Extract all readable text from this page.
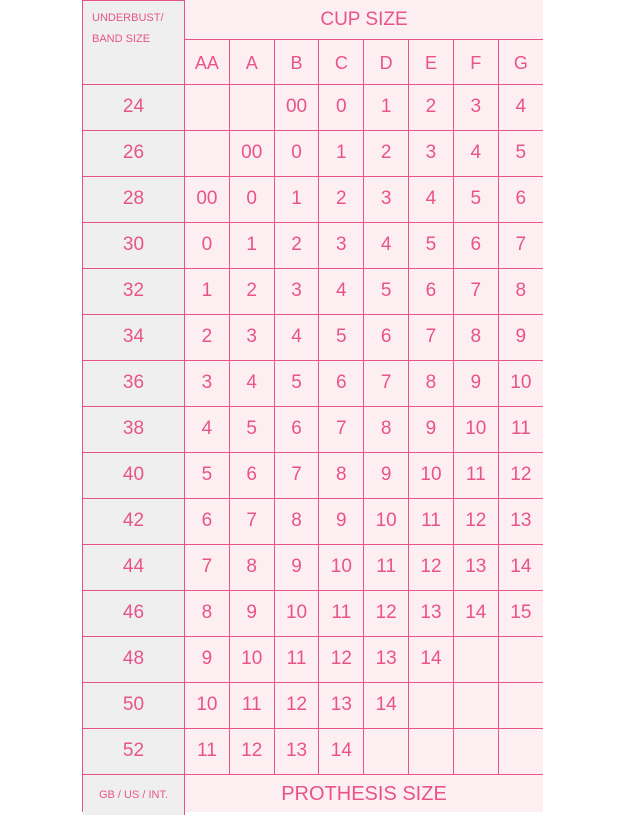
UNDERBUST/
BAND SIZE	CUP SIZE							
	AA	A	B	C	D	E	F	G
24			00	0	1	2	3	4
26		00	0	1	2	3	4	5
28	00	0	1	2	3	4	5	6
30	0	1	2	3	4	5	6	7
32	1	2	3	4	5	6	7	8
34	2	3	4	5	6	7	8	9
36	3	4	5	6	7	8	9	10
38	4	5	6	7	8	9	10	11
40	5	6	7	8	9	10	11	12
42	6	7	8	9	10	11	12	13
44	7	8	9	10	11	12	13	14
46	8	9	10	11	12	13	14	15
48	9	10	11	12	13	14		
50	10	11	12	13	14			
52	11	12	13	14				
GB / US / INT.	PROTHESIS SIZE							
